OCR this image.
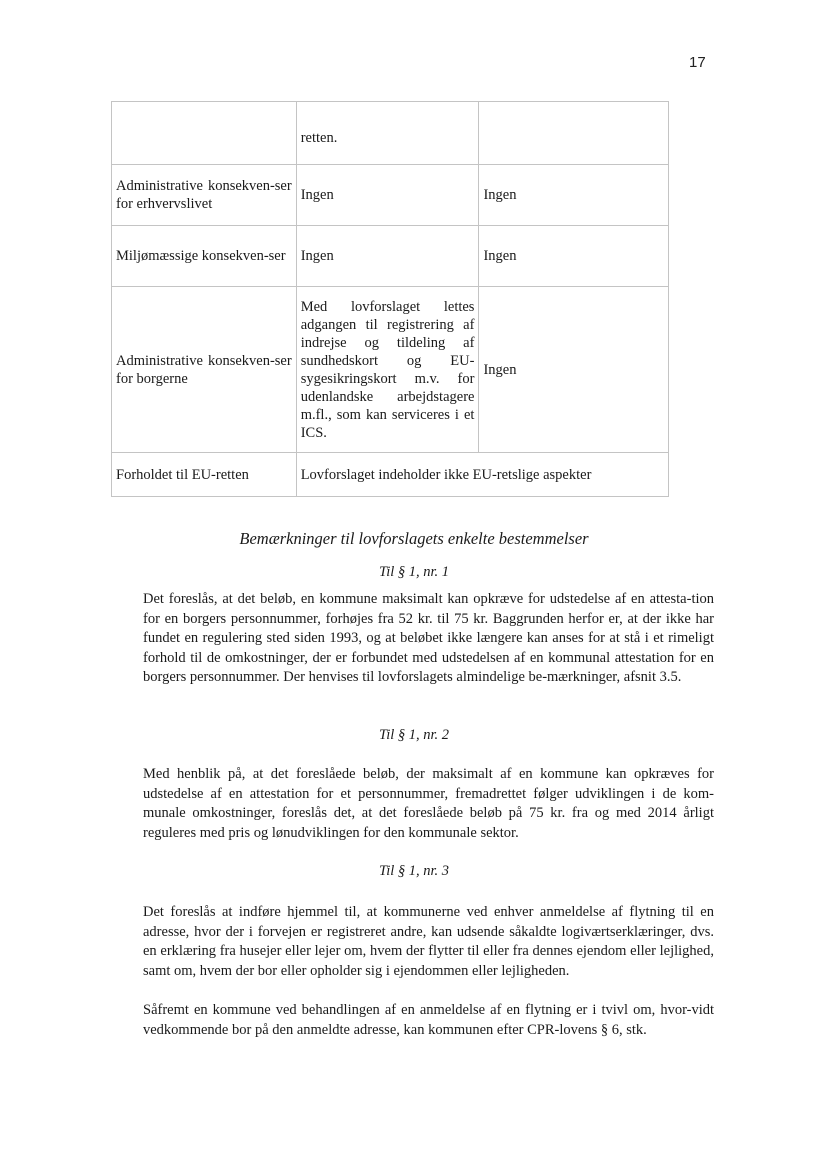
17

	retten.	

Administrative konsekven-ser for erhvervslivet	Ingen	Ingen
Miljømæssige konsekven-ser	Ingen	Ingen
Administrative konsekven-ser for borgerne	Med lovforslaget lettes adgangen til registrering af indrejse og tildeling af sundhedskort og EU-sygesikringskort m.v. for udenlandske arbejdstagere m.fl., som kan serviceres i et ICS.	Ingen
Forholdet til EU-retten	Lovforslaget indeholder ikke EU-retslige aspekter	
Bemærkninger til lovforslagets enkelte bestemmelser
Til § 1, nr. 1

Det foreslås, at det beløb, en kommune maksimalt kan opkræve for udstedelse af en attesta-tion for en borgers personnummer, forhøjes fra 52 kr. til 75 kr. Baggrunden herfor er, at der ikke har fundet en regulering sted siden 1993, og at beløbet ikke længere kan anses for at stå i et rimeligt forhold til de omkostninger, der er forbundet med udstedelsen af en kommunal attestation for en borgers personnummer. Der henvises til lovforslagets almindelige be-mærkninger, afsnit 3.5.

Til § 1, nr. 2

Med henblik på, at det foreslåede beløb, der maksimalt af en kommune kan opkræves for udstedelse af en attestation for et personnummer, fremadrettet følger udviklingen i de kom-munale omkostninger, foreslås det, at det foreslåede beløb på 75 kr. fra og med 2014 årligt reguleres med pris og lønudviklingen for den kommunale sektor.

Til § 1, nr. 3

Det foreslås at indføre hjemmel til, at kommunerne ved enhver anmeldelse af flytning til en adresse, hvor der i forvejen er registreret andre, kan udsende såkaldte logiværtserklæringer, dvs. en erklæring fra husejer eller lejer om, hvem der flytter til eller fra dennes ejendom eller lejlighed, samt om, hvem der bor eller opholder sig i ejendommen eller lejligheden.

Såfremt en kommune ved behandlingen af en anmeldelse af en flytning er i tvivl om, hvor-vidt vedkommende bor på den anmeldte adresse, kan kommunen efter CPR-lovens § 6, stk.
